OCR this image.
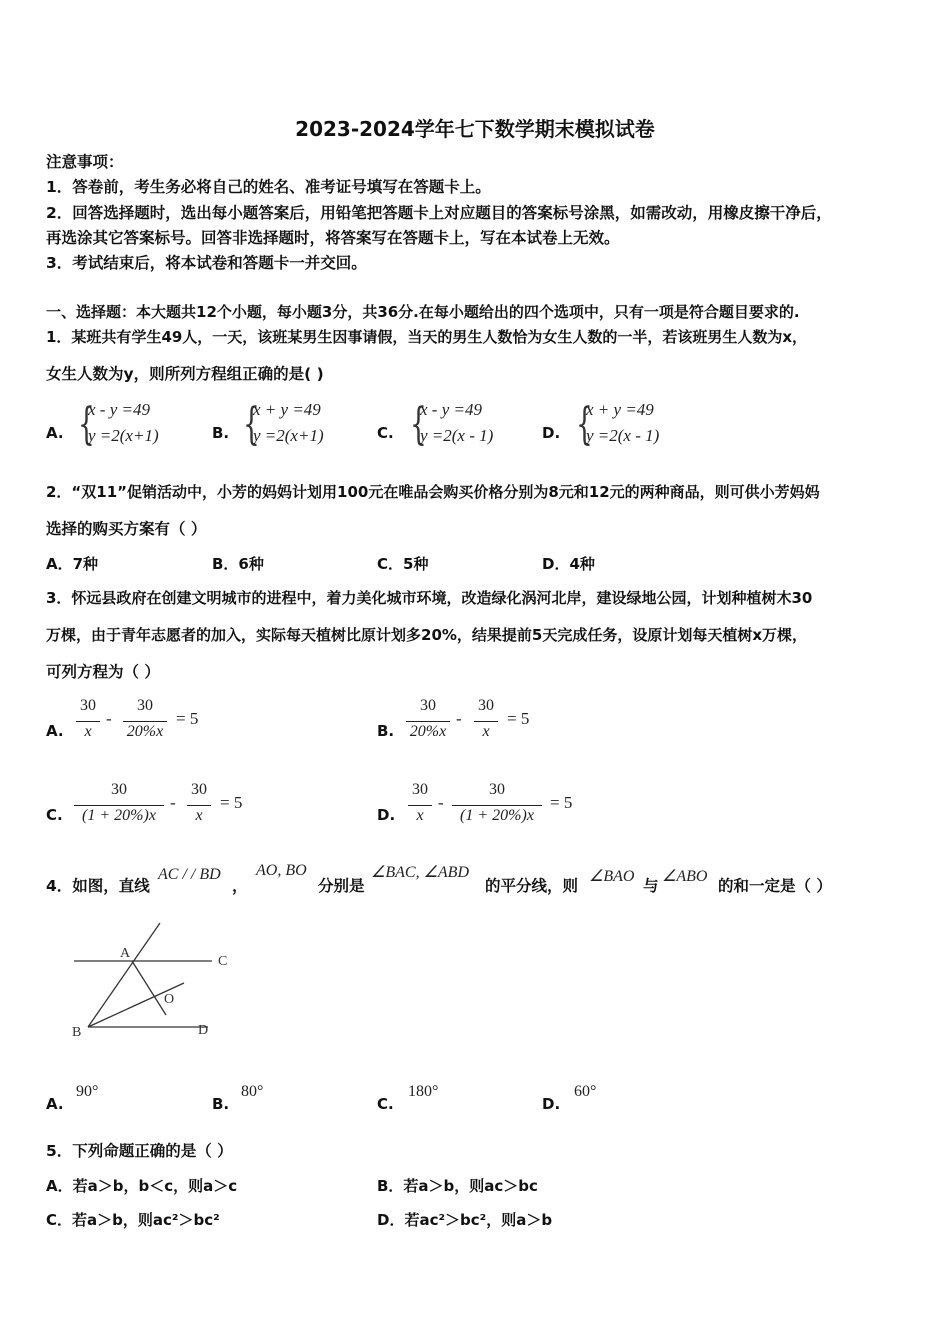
2023-2024学年七下数学期末模拟试卷
注意事项：
1．答卷前，考生务必将自己的姓名、准考证号填写在答题卡上。
2．回答选择题时，选出每小题答案后，用铅笔把答题卡上对应题目的答案标号涂黑，如需改动，用橡皮擦干净后，
再选涂其它答案标号。回答非选择题时，将答案写在答题卡上，写在本试卷上无效。
3．考试结束后，将本试卷和答题卡一并交回。
一、选择题：本大题共12个小题，每小题3分，共36分.在每小题给出的四个选项中，只有一项是符合题目要求的.
1．某班共有学生49人，一天，该班某男生因事请假，当天的男生人数恰为女生人数的一半，若该班男生人数为x，
女生人数为y，则所列方程组正确的是( )
A. {
x - y =49
y =2(x+1)	B. {
x + y =49
y =2(x+1)	C. {
x - y =49
y =2(x - 1)	D. {
x + y =49
y =2(x - 1)
2．“双11”促销活动中，小芳的妈妈计划用100元在唯品会购买价格分别为8元和12元的两种商品，则可供小芳妈妈
选择的购买方案有（ ）
A．7种	B．6种	C．5种	D．4种
3．怀远县政府在创建文明城市的进程中，着力美化城市环境，改造绿化涡河北岸，建设绿地公园，计划种植树木30
万棵，由于青年志愿者的加入，实际每天植树比原计划多20%，结果提前5天完成任务，设原计划每天植树x万棵，
可列方程为（ ）
A.
30
x
-
30
20%x
= 5
B.
30
20%x
-
30
x
= 5
C.
30
(1 + 20%)x
-
30
x
= 5
D.
30
x
-
30
(1 + 20%)x
= 5
4．如图，直线
AC / / BD
，
AO, BO
分别是
∠BAC, ∠ABD
的平分线，则
∠BAO
与
∠ABO
的和一定是（ ）
A
C
O
B	D
A.
90°
B.
80°
C.
180°
D.
60°
5．下列命题正确的是（ ）
A．若a＞b，b＜c，则a＞c	B．若a＞b，则ac＞bc
C．若a＞b，则ac²＞bc²	D．若ac²＞bc²，则a＞b
